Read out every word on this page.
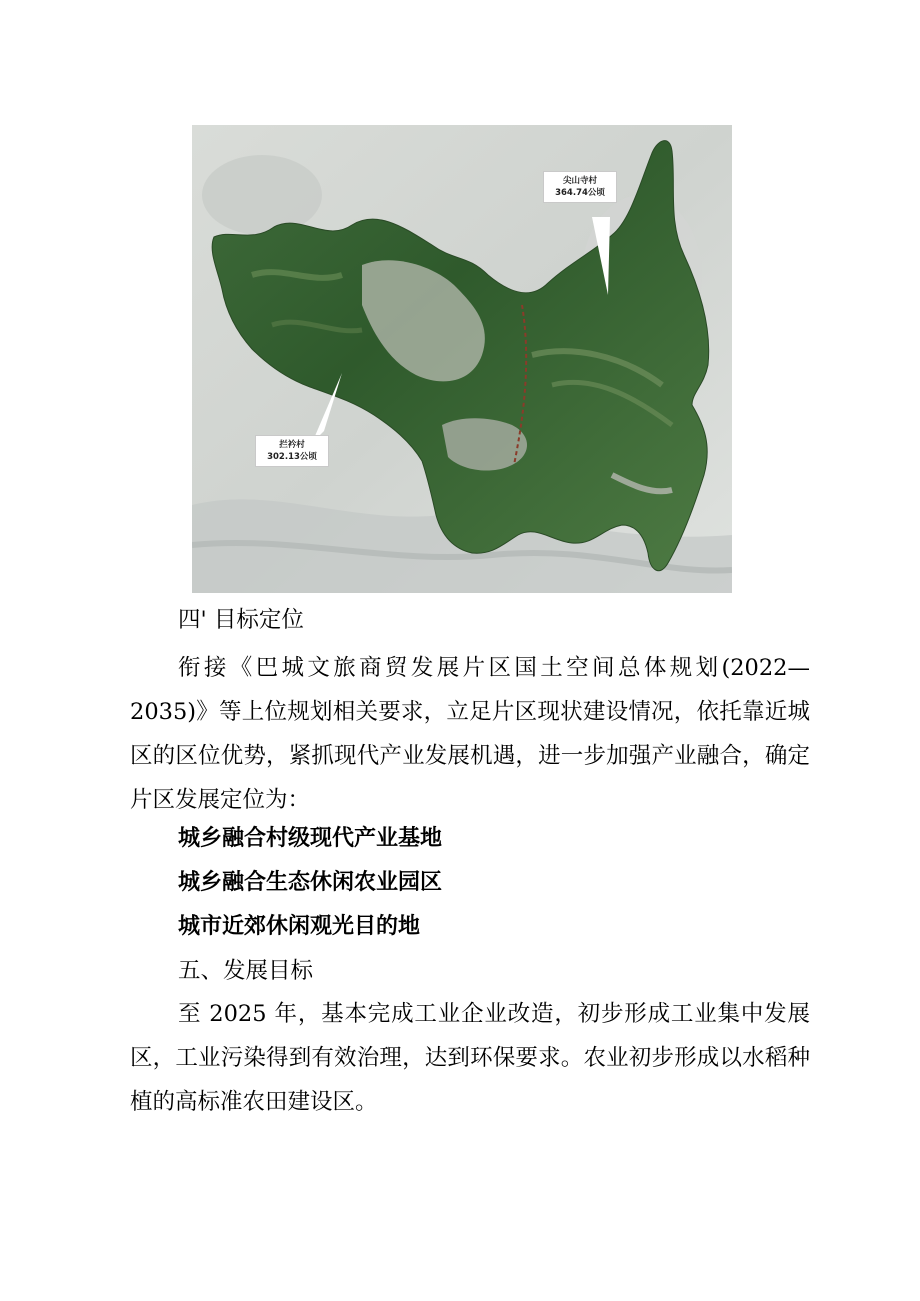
尖山寺村
364.74公顷
拦衿村
302.13公顷
四' 目标定位

衔接《巴城文旅商贸发展片区国土空间总体规划(2022—2035)》等上位规划相关要求，立足片区现状建设情况，依托靠近城区的区位优势，紧抓现代产业发展机遇，进一步加强产业融合，确定片区发展定位为：

城乡融合村级现代产业基地
城乡融合生态休闲农业园区
城市近郊休闲观光目的地
五、发展目标

至 2025 年，基本完成工业企业改造，初步形成工业集中发展区，工业污染得到有效治理，达到环保要求。农业初步形成以水稻种植的高标准农田建设区。
